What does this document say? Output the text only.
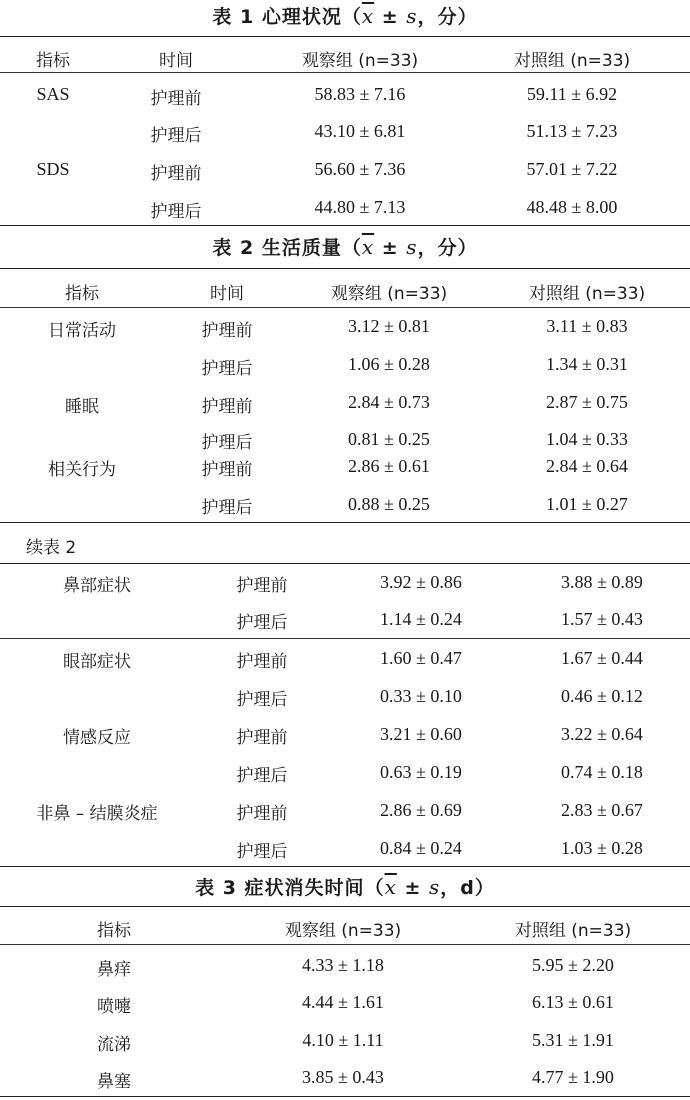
表 1 心理状况（$\overline{x} \pm s$，分）
指标	时间	观察组 (n=33)	对照组 (n=33)
SAS	护理前	58.83 ± 7.16	59.11 ± 6.92
护理后	43.10 ± 6.81	51.13 ± 7.23
SDS	护理前	56.60 ± 7.36	57.01 ± 7.22
护理后	44.80 ± 7.13	48.48 ± 8.00
表 2 生活质量（$\overline{x} \pm s$，分）
指标	时间	观察组 (n=33)	对照组 (n=33)
日常活动	护理前	3.12 ± 0.81	3.11 ± 0.83
护理后	1.06 ± 0.28	1.34 ± 0.31
睡眠	护理前	2.84 ± 0.73	2.87 ± 0.75
护理后	0.81 ± 0.25	1.04 ± 0.33
相关行为	护理前	2.86 ± 0.61	2.84 ± 0.64
护理后	0.88 ± 0.25	1.01 ± 0.27
续表 2
鼻部症状	护理前	3.92 ± 0.86	3.88 ± 0.89
护理后	1.14 ± 0.24	1.57 ± 0.43
眼部症状	护理前	1.60 ± 0.47	1.67 ± 0.44
护理后	0.33 ± 0.10	0.46 ± 0.12
情感反应	护理前	3.21 ± 0.60	3.22 ± 0.64
护理后	0.63 ± 0.19	0.74 ± 0.18
非鼻 – 结膜炎症	护理前	2.86 ± 0.69	2.83 ± 0.67
护理后	0.84 ± 0.24	1.03 ± 0.28
表 3 症状消失时间（$\overline{x} \pm s$，d）
指标	观察组 (n=33)	对照组 (n=33)
鼻痒	4.33 ± 1.18	5.95 ± 2.20
喷嚏	4.44 ± 1.61	6.13 ± 0.61
流涕	4.10 ± 1.11	5.31 ± 1.91
鼻塞	3.85 ± 0.43	4.77 ± 1.90
